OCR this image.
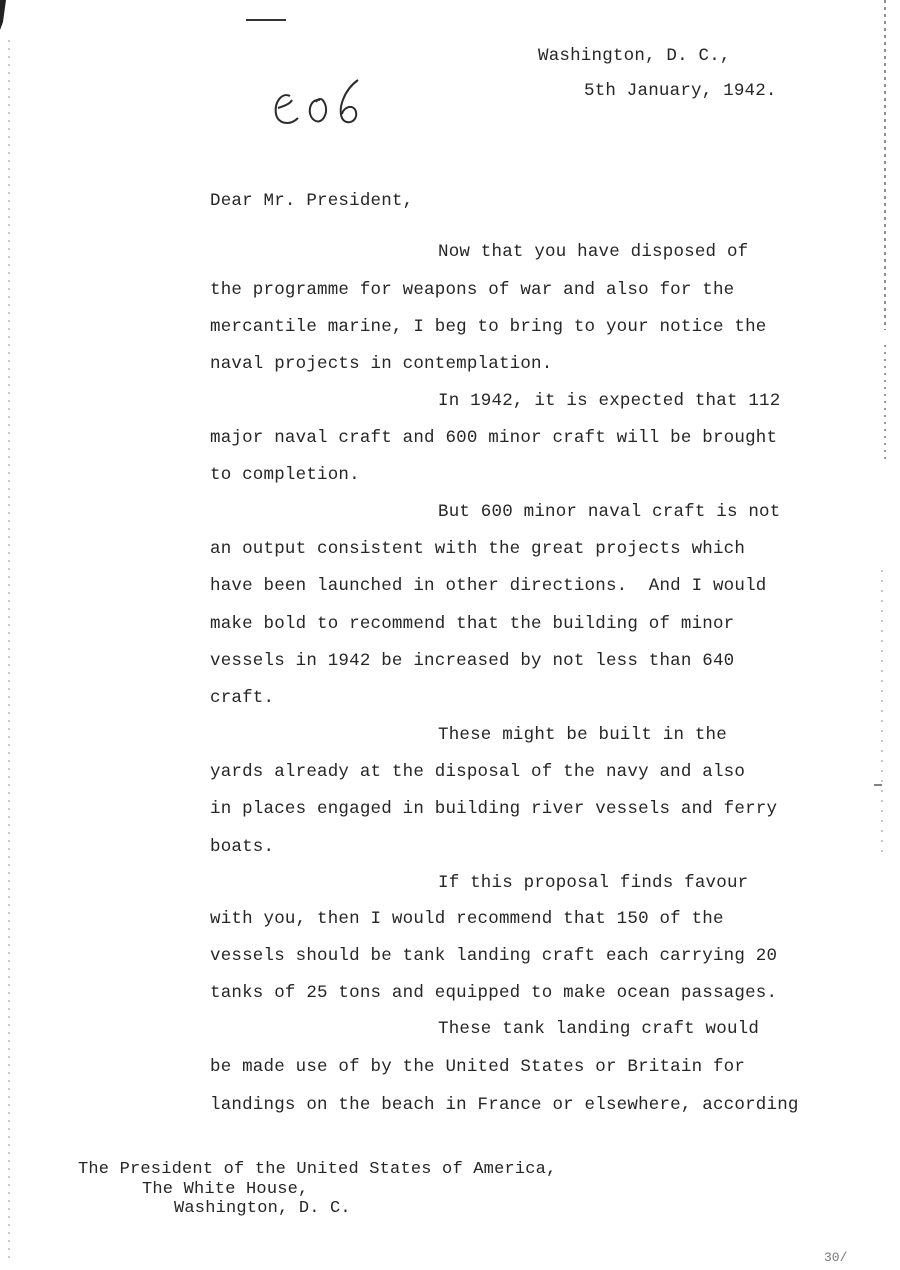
Washington, D. C.,
5th January, 1942.
Dear Mr. President,
Now that you have disposed of
the programme for weapons of war and also for the
mercantile marine, I beg to bring to your notice the
naval projects in contemplation.
In 1942, it is expected that 112
major naval craft and 600 minor craft will be brought
to completion.
But 600 minor naval craft is not
an output consistent with the great projects which
have been launched in other directions.  And I would
make bold to recommend that the building of minor
vessels in 1942 be increased by not less than 640
craft.
These might be built in the
yards already at the disposal of the navy and also
in places engaged in building river vessels and ferry
boats.
If this proposal finds favour
with you, then I would recommend that 150 of the
vessels should be tank landing craft each carrying 20
tanks of 25 tons and equipped to make ocean passages.
These tank landing craft would
be made use of by the United States or Britain for
landings on the beach in France or elsewhere, according
The President of the United States of America,
The White House,
Washington, D. C.
30/
